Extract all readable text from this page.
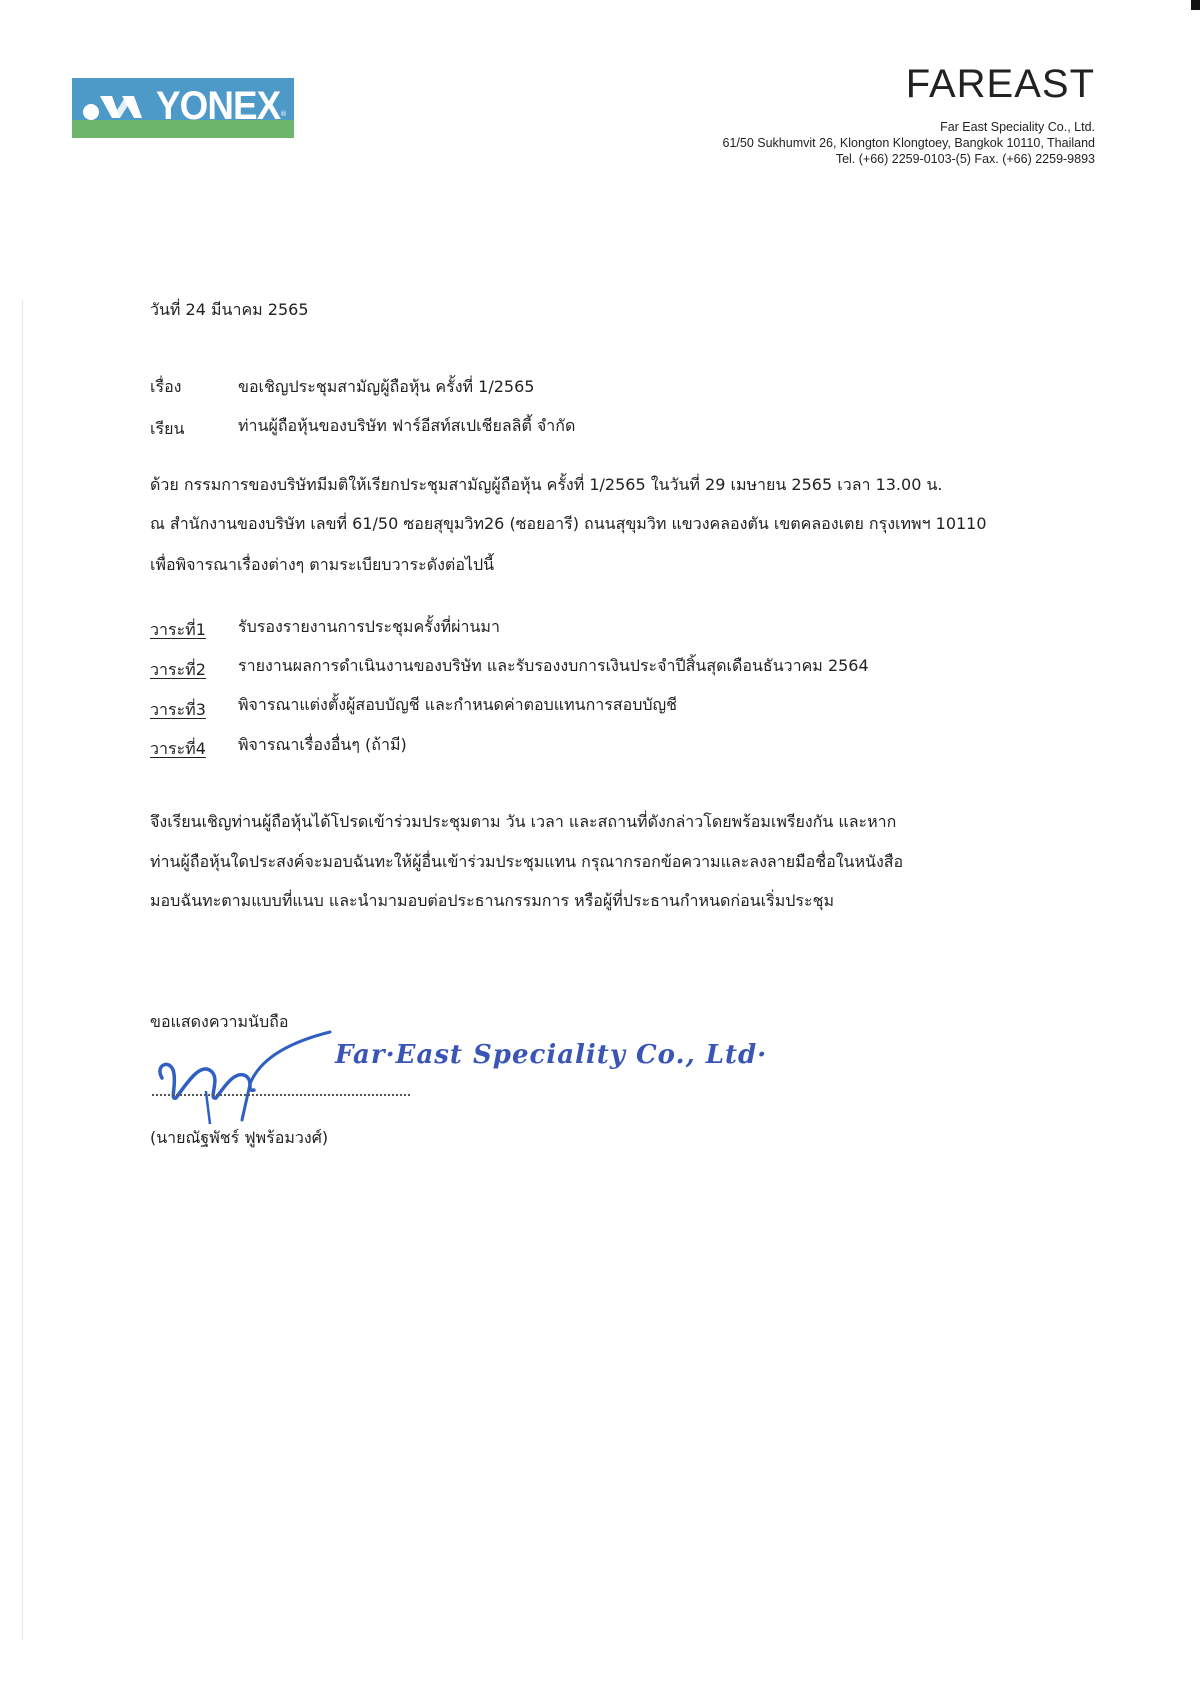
YONEX ®
FAREAST
Far East Speciality Co., Ltd.
61/50 Sukhumvit 26, Klongton Klongtoey, Bangkok 10110, Thailand
Tel. (+66) 2259-0103-(5) Fax. (+66) 2259-9893
วันที่ 24 มีนาคม 2565
เรื่อง	ขอเชิญประชุมสามัญผู้ถือหุ้น ครั้งที่ 1/2565
เรียน	ท่านผู้ถือหุ้นของบริษัท ฟาร์อีสท์สเปเชียลลิตี้ จำกัด
ด้วย กรรมการของบริษัทมีมติให้เรียกประชุมสามัญผู้ถือหุ้น ครั้งที่ 1/2565 ในวันที่ 29 เมษายน 2565 เวลา 13.00 น.
ณ สำนักงานของบริษัท เลขที่ 61/50 ซอยสุขุมวิท26 (ซอยอารี) ถนนสุขุมวิท แขวงคลองตัน เขตคลองเตย กรุงเทพฯ 10110
เพื่อพิจารณาเรื่องต่างๆ ตามระเบียบวาระดังต่อไปนี้
วาระที่1 รับรองรายงานการประชุมครั้งที่ผ่านมา
วาระที่2 รายงานผลการดำเนินงานของบริษัท และรับรองงบการเงินประจำปีสิ้นสุดเดือนธันวาคม 2564
วาระที่3 พิจารณาแต่งตั้งผู้สอบบัญชี และกำหนดค่าตอบแทนการสอบบัญชี
วาระที่4 พิจารณาเรื่องอื่นๆ (ถ้ามี)
จึงเรียนเชิญท่านผู้ถือหุ้นได้โปรดเข้าร่วมประชุมตาม วัน เวลา และสถานที่ดังกล่าวโดยพร้อมเพรียงกัน และหาก
ท่านผู้ถือหุ้นใดประสงค์จะมอบฉันทะให้ผู้อื่นเข้าร่วมประชุมแทน กรุณากรอกข้อความและลงลายมือชื่อในหนังสือ
มอบฉันทะตามแบบที่แนบ และนำมามอบต่อประธานกรรมการ หรือผู้ที่ประธานกำหนดก่อนเริ่มประชุม
ขอแสดงความนับถือ
Far·East Speciality Co., Ltd·
(นายณัฐพัชร์ ฟูพร้อมวงศ์)
